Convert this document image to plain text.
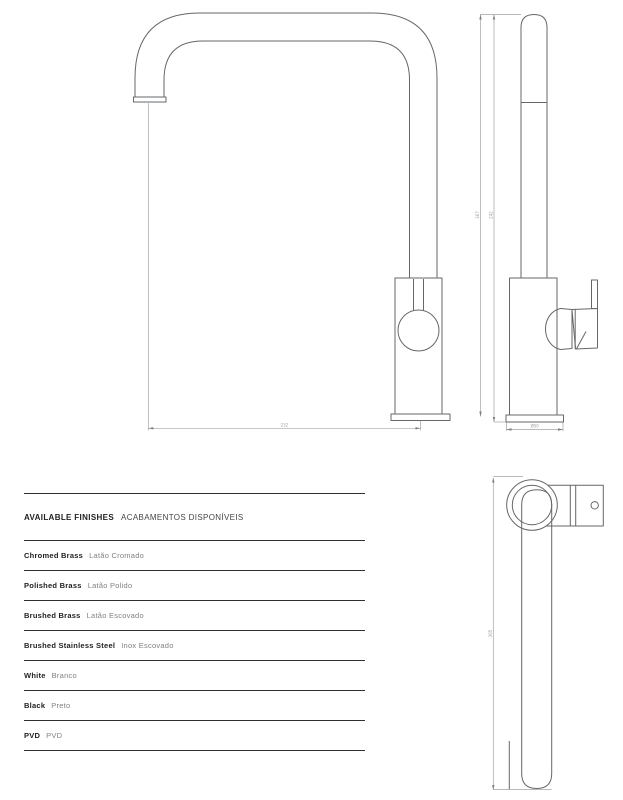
232
367 242
Ø50
365
AVAILABLE FINISHES ACABAMENTOS DISPONÍVEIS
Chromed Brass Latão Cromado
Polished Brass Latão Polido
Brushed Brass Latão Escovado
Brushed Stainless Steel Inox Escovado
White Branco
Black Preto
PVD PVD
